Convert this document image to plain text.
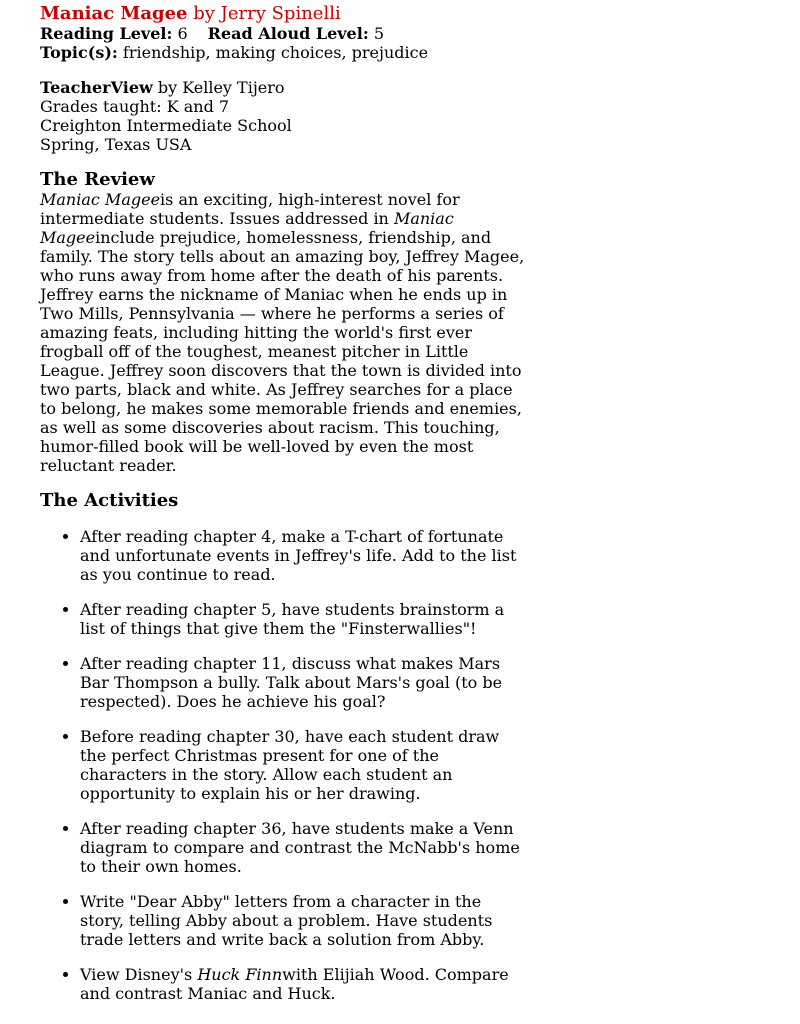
Maniac Magee by Jerry Spinelli
Reading Level: 6 Read Aloud Level: 5
Topic(s): friendship, making choices, prejudice
TeacherView by Kelley Tijero
Grades taught: K and 7
Creighton Intermediate School
Spring, Texas USA
The Review

Maniac Mageeis an exciting, high-interest novel for intermediate students. Issues addressed in Maniac Mageeinclude prejudice, homelessness, friendship, and family. The story tells about an amazing boy, Jeffrey Magee, who runs away from home after the death of his parents. Jeffrey earns the nickname of Maniac when he ends up in Two Mills, Pennsylvania — where he performs a series of amazing feats, including hitting the world's first ever frogball off of the toughest, meanest pitcher in Little League. Jeffrey soon discovers that the town is divided into two parts, black and white. As Jeffrey searches for a place to belong, he makes some memorable friends and enemies, as well as some discoveries about racism. This touching, humor-filled book will be well-loved by even the most reluctant reader.

The Activities
• After reading chapter 4, make a T-chart of fortunate and unfortunate events in Jeffrey's life. Add to the list as you continue to read.
• After reading chapter 5, have students brainstorm a list of things that give them the "Finsterwallies"!
• After reading chapter 11, discuss what makes Mars Bar Thompson a bully. Talk about Mars's goal (to be respected). Does he achieve his goal?
• Before reading chapter 30, have each student draw the perfect Christmas present for one of the characters in the story. Allow each student an opportunity to explain his or her drawing.
• After reading chapter 36, have students make a Venn diagram to compare and contrast the McNabb's home to their own homes.
• Write "Dear Abby" letters from a character in the story, telling Abby about a problem. Have students trade letters and write back a solution from Abby.
• View Disney's Huck Finnwith Elijiah Wood. Compare and contrast Maniac and Huck.
